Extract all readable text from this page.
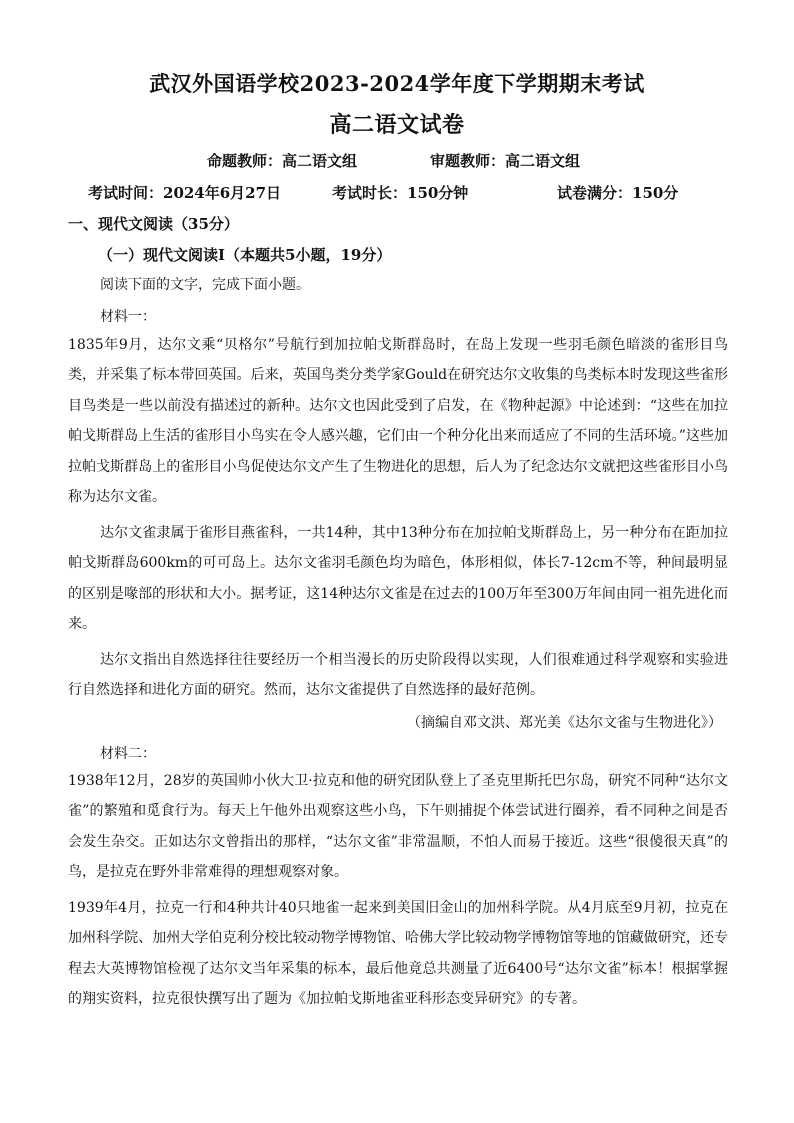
武汉外国语学校2023-2024学年度下学期期末考试
高二语文试卷
命题教师：高二语文组	审题教师：高二语文组
考试时间：2024年6月27日	考试时长：150分钟	试卷满分：150分
一、现代文阅读（35分）
（一）现代文阅读Ⅰ（本题共5小题，19分）
阅读下面的文字，完成下面小题。
材料一：
1835年9月，达尔文乘“贝格尔”号航行到加拉帕戈斯群岛时，在岛上发现一些羽毛颜色暗淡的雀形目鸟类，并采集了标本带回英国。后来，英国鸟类分类学家Gould在研究达尔文收集的鸟类标本时发现这些雀形目鸟类是一些以前没有描述过的新种。达尔文也因此受到了启发，在《物种起源》中论述到：“这些在加拉帕戈斯群岛上生活的雀形目小鸟实在令人感兴趣，它们由一个种分化出来而适应了不同的生活环境。”这些加拉帕戈斯群岛上的雀形目小鸟促使达尔文产生了生物进化的思想，后人为了纪念达尔文就把这些雀形目小鸟称为达尔文雀。
达尔文雀隶属于雀形目燕雀科，一共14种，其中13种分布在加拉帕戈斯群岛上，另一种分布在距加拉帕戈斯群岛600km的可可岛上。达尔文雀羽毛颜色均为暗色，体形相似，体长7-12cm不等，种间最明显的区别是喙部的形状和大小。据考证，这14种达尔文雀是在过去的100万年至300万年间由同一祖先进化而来。
达尔文指出自然选择往往要经历一个相当漫长的历史阶段得以实现，人们很难通过科学观察和实验进行自然选择和进化方面的研究。然而，达尔文雀提供了自然选择的最好范例。
（摘编自邓文洪、郑光美《达尔文雀与生物进化》）
材料二：
1938年12月，28岁的英国帅小伙大卫·拉克和他的研究团队登上了圣克里斯托巴尔岛，研究不同种“达尔文雀”的繁殖和觅食行为。每天上午他外出观察这些小鸟，下午则捕捉个体尝试进行圈养，看不同种之间是否会发生杂交。正如达尔文曾指出的那样，“达尔文雀”非常温顺，不怕人而易于接近。这些“很傻很天真”的鸟，是拉克在野外非常难得的理想观察对象。
1939年4月，拉克一行和4种共计40只地雀一起来到美国旧金山的加州科学院。从4月底至9月初，拉克在加州科学院、加州大学伯克利分校比较动物学博物馆、哈佛大学比较动物学博物馆等地的馆藏做研究，还专程去大英博物馆检视了达尔文当年采集的标本，最后他竟总共测量了近6400号“达尔文雀”标本！根据掌握的翔实资料，拉克很快撰写出了题为《加拉帕戈斯地雀亚科形态变异研究》的专著。
